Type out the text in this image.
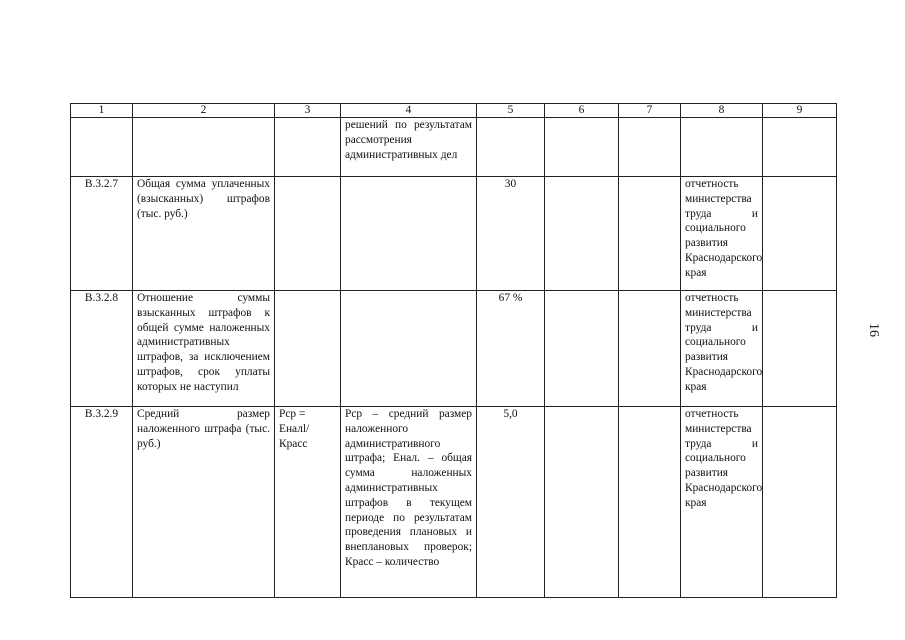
1	2	3	4	5	6	7	8	9
			решений по результатам рассмотрения административных дел					
В.3.2.7	Общая сумма уплаченных (взысканных) штрафов (тыс. руб.)			30			отчетность министерства труда и социального развития Краснодарского края	
В.3.2.8	Отношение суммы взысканных штрафов к общей сумме наложенных административных штрафов, за исключением штрафов, срок уплаты которых не наступил			67 %			отчетность министерства труда и социального развития Краснодарского края	
В.3.2.9	Средний размер наложенного штрафа (тыс. руб.)	Рср = Еналl/ Красс	Рср – средний размер наложенного административного штрафа; Енал. – общая сумма наложенных административных штрафов в текущем периоде по результатам проведения плановых и внеплановых проверок; Красс – количество	5,0			отчетность министерства труда и социального развития Краснодарского края	
16
